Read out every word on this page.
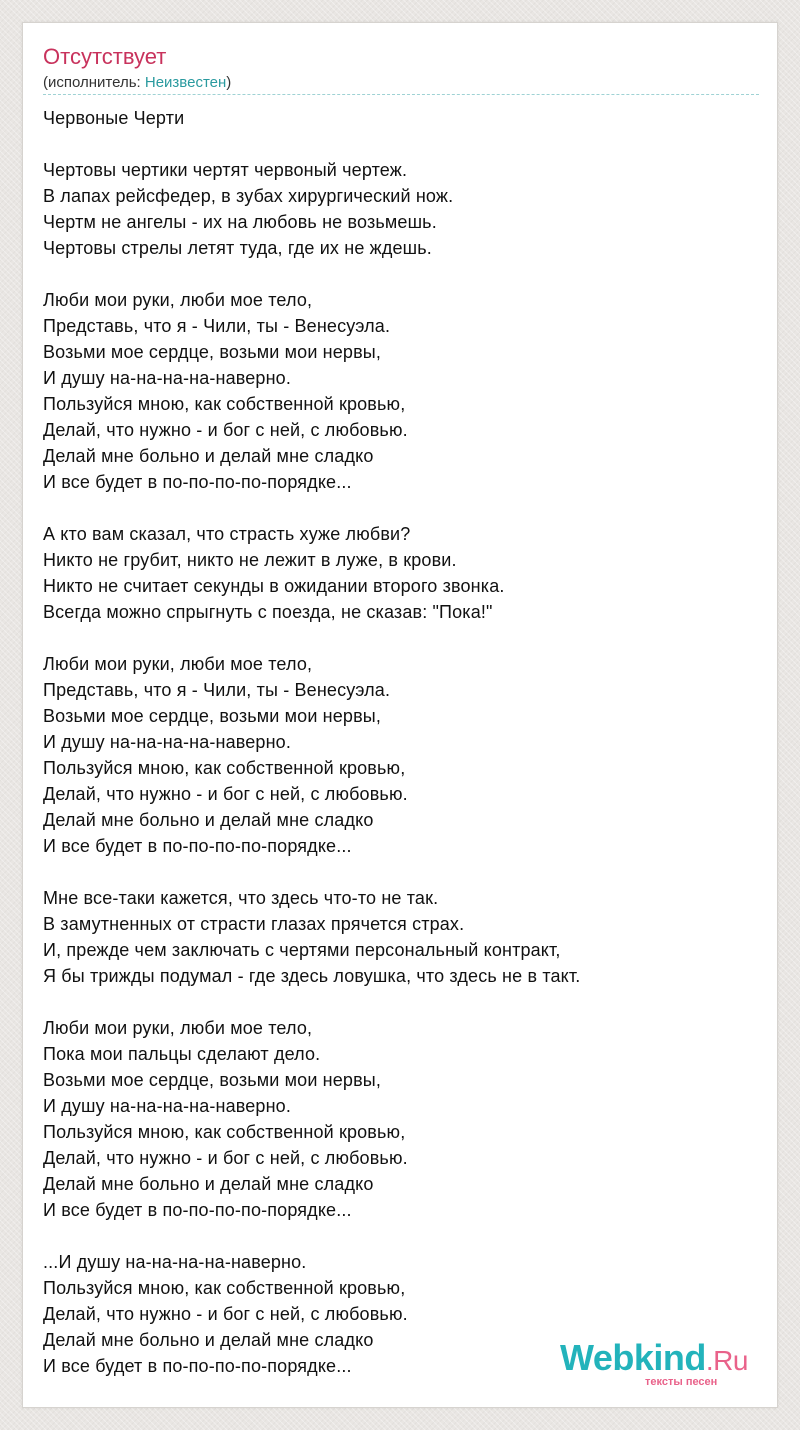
Отсутствует
(исполнитель: Неизвестен)
Червоные Черти
Чертовы чертики чертят червоный чертеж.
В лапах рейсфедер, в зубах хирургический нож.
Чертм не ангелы - их на любовь не возьмешь.
Чертовы стрелы летят туда, где их не ждешь.
Люби мои руки, люби мое тело,
Представь, что я - Чили, ты - Венесуэла.
Возьми мое сердце, возьми мои нервы,
И душу на-на-на-на-наверно.
Пользуйся мною, как собственной кровью,
Делай, что нужно - и бог с ней, с любовью.
Делай мне больно и делай мне сладко
И все будет в по-по-по-по-порядке...
А кто вам сказал, что страсть хуже любви?
Никто не грубит, никто не лежит в луже, в крови.
Никто не считает секунды в ожидании второго звонка.
Всегда можно спрыгнуть с поезда, не сказав: "Пока!"
Люби мои руки, люби мое тело,
Представь, что я - Чили, ты - Венесуэла.
Возьми мое сердце, возьми мои нервы,
И душу на-на-на-на-наверно.
Пользуйся мною, как собственной кровью,
Делай, что нужно - и бог с ней, с любовью.
Делай мне больно и делай мне сладко
И все будет в по-по-по-по-порядке...
Мне все-таки кажется, что здесь что-то не так.
В замутненных от страсти глазах прячется страх.
И, прежде чем заключать с чертями персональный контракт,
Я бы трижды подумал - где здесь ловушка, что здесь не в такт.
Люби мои руки, люби мое тело,
Пока мои пальцы сделают дело.
Возьми мое сердце, возьми мои нервы,
И душу на-на-на-на-наверно.
Пользуйся мною, как собственной кровью,
Делай, что нужно - и бог с ней, с любовью.
Делай мне больно и делай мне сладко
И все будет в по-по-по-по-порядке...
...И душу на-на-на-на-наверно.
Пользуйся мною, как собственной кровью,
Делай, что нужно - и бог с ней, с любовью.
Делай мне больно и делай мне сладко
И все будет в по-по-по-по-порядке...	Webkind.Ru
тексты песен
